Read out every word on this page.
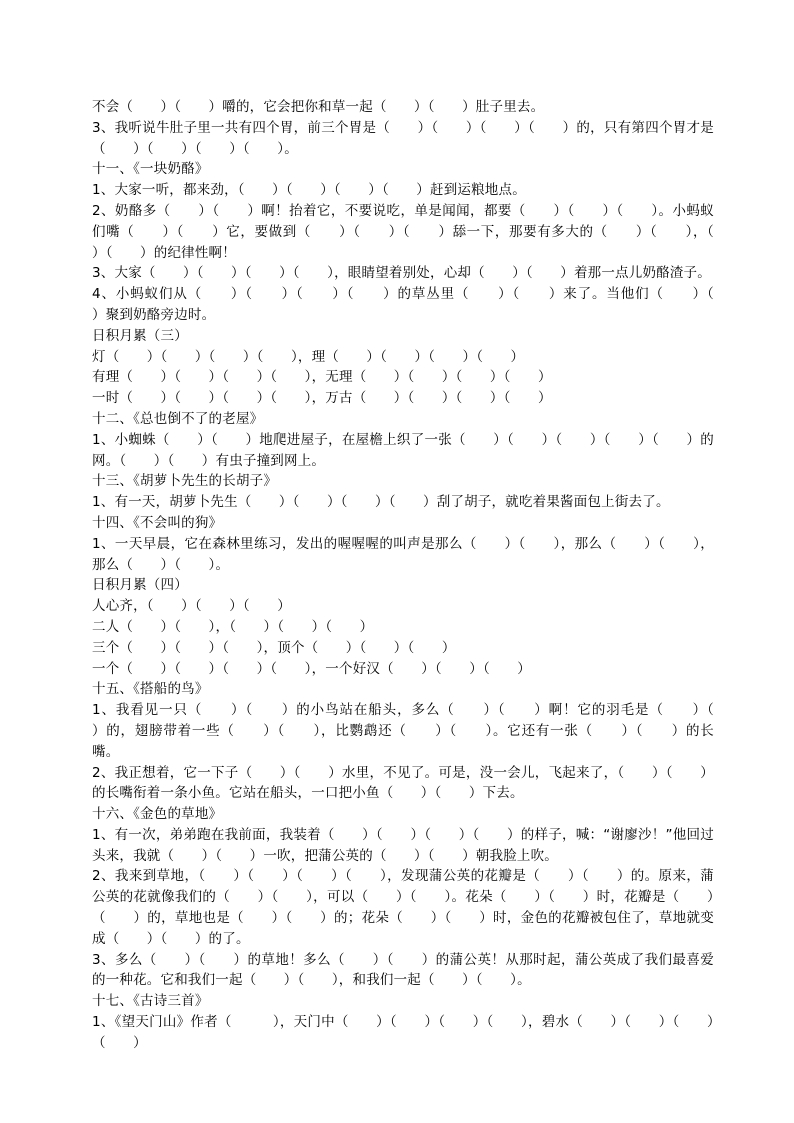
不会（　　）（　　）嚼的，它会把你和草一起（　　）（　　）肚子里去。

3、我听说牛肚子里一共有四个胃，前三个胃是（　　）（　　）（　　）（　　）的，只有第四个胃才是（　　）（　　）（　　）（　　）。

十一、《一块奶酪》

1、大家一听，都来劲，（　　）（　　）（　　）（　　）赶到运粮地点。

2、奶酪多（　　）（　　）啊！抬着它，不要说吃，单是闻闻，都要（　　）（　　）（　　）。小蚂蚁们嘴（　　）（　　）它，要做到（　　）（　　）（　　）舔一下，那要有多大的（　　）（　　），（　　）（　　）的纪律性啊！

3、大家（　　）（　　）（　　）（　　），眼睛望着别处，心却（　　）（　　）着那一点儿奶酪渣子。

4、小蚂蚁们从（　　）（　　）（　　）（　　）的草丛里（　　）（　　）来了。当他们（　　）（　　）聚到奶酪旁边时。

日积月累（三）

灯（　　）（　　）（　　）（　　），理（　　）（　　）（　　）（　　）

有理（　　）（　　）（　　）（　　），无理（　　）（　　）（　　）（　　）

一时（　　）（　　）（　　）（　　），万古（　　）（　　）（　　）（　　）

十二、《总也倒不了的老屋》

1、小蜘蛛（　　）（　　）地爬进屋子，在屋檐上织了一张（　　）（　　）（　　）（　　）（　　）的网。（　　）（　　）有虫子撞到网上。

十三、《胡萝卜先生的长胡子》

1、有一天，胡萝卜先生（　　）（　　）（　　）（　　）刮了胡子，就吃着果酱面包上街去了。

十四、《不会叫的狗》

1、一天早晨，它在森林里练习，发出的喔喔喔的叫声是那么（　　）（　　），那么（　　）（　　），那么（　　）（　　）。

日积月累（四）

人心齐，（　　）（　　）（　　）

二人（　　）（　　），（　　）（　　）（　　）

三个（　　）（　　）（　　），顶个（　　）（　　）（　　）

一个（　　）（　　）（　　）（　　），一个好汉（　　）（　　）（　　）

十五、《搭船的鸟》

1、我看见一只（　　）（　　）的小鸟站在船头，多么（　　）（　　）啊！它的羽毛是（　　）（　　）的，翅膀带着一些（　　）（　　），比鹦鹉还（　　）（　　）。它还有一张（　　）（　　）的长嘴。

2、我正想着，它一下子（　　）（　　）水里，不见了。可是，没一会儿，飞起来了，（　　）（　　）的长嘴衔着一条小鱼。它站在船头，一口把小鱼（　　）（　　）下去。

十六、《金色的草地》

1、有一次，弟弟跑在我前面，我装着（　　）（　　）（　　）（　　）的样子，喊：“谢廖沙！”他回过头来，我就（　　）（　　）一吹，把蒲公英的（　　）（　　）朝我脸上吹。

2、我来到草地，（　　）（　　）（　　）（　　），发现蒲公英的花瓣是（　　）（　　）的。原来，蒲公英的花就像我们的（　　）（　　），可以（　　）（　　）。花朵（　　）（　　）时，花瓣是（　　）（　　）的，草地也是（　　）（　　）的；花朵（　　）（　　）时，金色的花瓣被包住了，草地就变成（　　）（　　）的了。

3、多么（　　）（　　）的草地！多么（　　）（　　）的蒲公英！从那时起，蒲公英成了我们最喜爱的一种花。它和我们一起（　　）（　　），和我们一起（　　）（　　）。

十七、《古诗三首》

1、《望天门山》作者（　　　），天门中（　　）（　　）（　　）（　　），碧水（　　）（　　）（　　）（　　）
